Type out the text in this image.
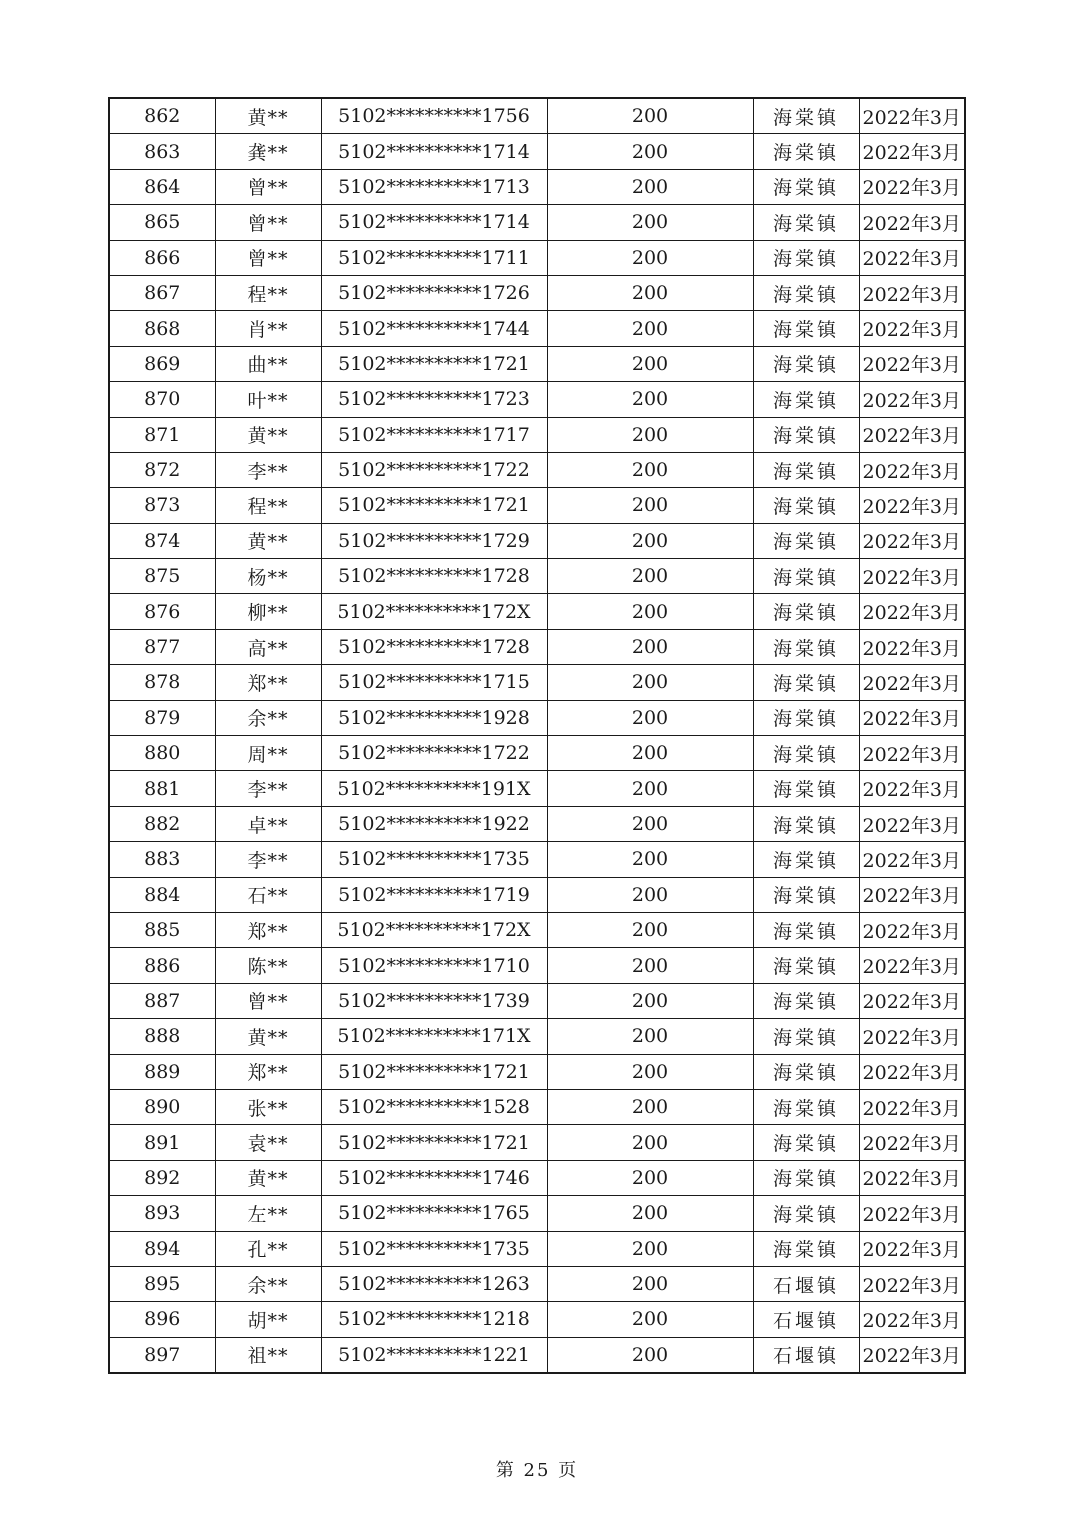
862	黄**	5102**********1756	200	海棠镇	2022年3月
863	龚**	5102**********1714	200	海棠镇	2022年3月
864	曾**	5102**********1713	200	海棠镇	2022年3月
865	曾**	5102**********1714	200	海棠镇	2022年3月
866	曾**	5102**********1711	200	海棠镇	2022年3月
867	程**	5102**********1726	200	海棠镇	2022年3月
868	肖**	5102**********1744	200	海棠镇	2022年3月
869	曲**	5102**********1721	200	海棠镇	2022年3月
870	叶**	5102**********1723	200	海棠镇	2022年3月
871	黄**	5102**********1717	200	海棠镇	2022年3月
872	李**	5102**********1722	200	海棠镇	2022年3月
873	程**	5102**********1721	200	海棠镇	2022年3月
874	黄**	5102**********1729	200	海棠镇	2022年3月
875	杨**	5102**********1728	200	海棠镇	2022年3月
876	柳**	5102**********172X	200	海棠镇	2022年3月
877	高**	5102**********1728	200	海棠镇	2022年3月
878	郑**	5102**********1715	200	海棠镇	2022年3月
879	余**	5102**********1928	200	海棠镇	2022年3月
880	周**	5102**********1722	200	海棠镇	2022年3月
881	李**	5102**********191X	200	海棠镇	2022年3月
882	卓**	5102**********1922	200	海棠镇	2022年3月
883	李**	5102**********1735	200	海棠镇	2022年3月
884	石**	5102**********1719	200	海棠镇	2022年3月
885	郑**	5102**********172X	200	海棠镇	2022年3月
886	陈**	5102**********1710	200	海棠镇	2022年3月
887	曾**	5102**********1739	200	海棠镇	2022年3月
888	黄**	5102**********171X	200	海棠镇	2022年3月
889	郑**	5102**********1721	200	海棠镇	2022年3月
890	张**	5102**********1528	200	海棠镇	2022年3月
891	袁**	5102**********1721	200	海棠镇	2022年3月
892	黄**	5102**********1746	200	海棠镇	2022年3月
893	左**	5102**********1765	200	海棠镇	2022年3月
894	孔**	5102**********1735	200	海棠镇	2022年3月
895	余**	5102**********1263	200	石堰镇	2022年3月
896	胡**	5102**********1218	200	石堰镇	2022年3月
897	祖**	5102**********1221	200	石堰镇	2022年3月
第 25 页
